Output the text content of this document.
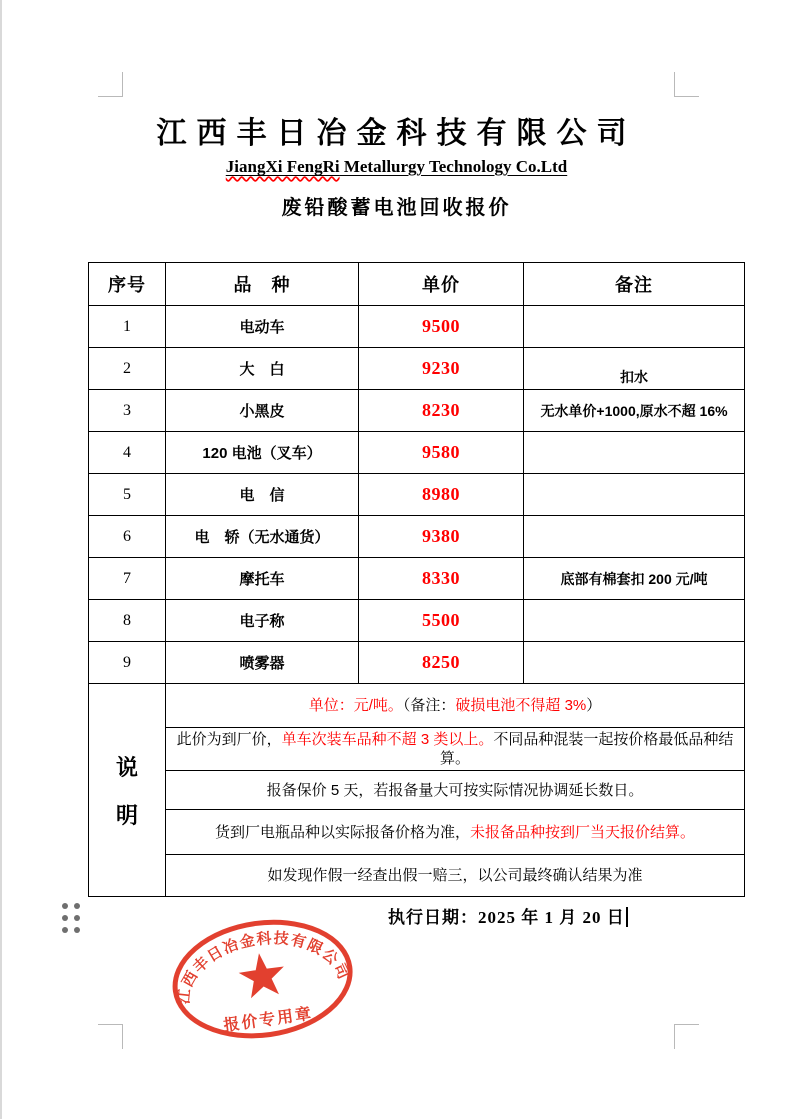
江西丰日冶金科技有限公司
JiangXi FengRi Metallurgy Technology Co.Ltd
废铅酸蓄电池回收报价
序号	品　种	单价	备注
1	电动车	9500	
2	大　白	9230	扣水
3	小黑皮	8230	无水单价+1000,原水不超 16%
4	120 电池（叉车）	9580	
5	电　信	8980	
6	电　轿（无水通货）	9380	
7	摩托车	8330	底部有棉套扣 200 元/吨
8	电子称	5500	
9	喷雾器	8250	

说
明	单位：元/吨。（备注：破损电池不得超 3%）		
	此价为到厂价，单车次装车品种不超 3 类以上。不同品种混装一起按价格最低品种结算。		
	报备保价 5 天，若报备量大可按实际情况协调延长数日。		
	货到厂电瓶品种以实际报备价格为准，未报备品种按到厂当天报价结算。		
	如发现作假一经查出假一赔三，以公司最终确认结果为准		
执行日期：2025 年 1 月 20 日
江西丰日冶金科技有限公司
报价专用章
